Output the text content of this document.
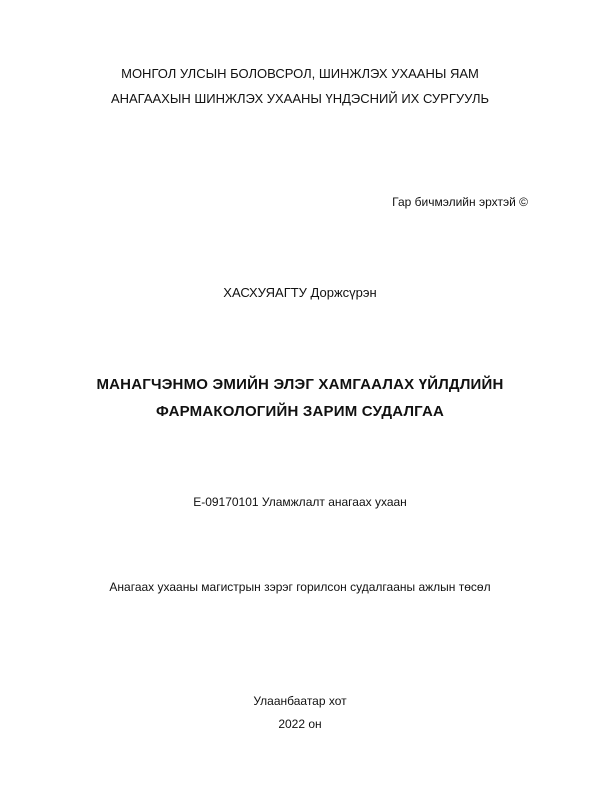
МОНГОЛ УЛСЫН БОЛОВСРОЛ, ШИНЖЛЭХ УХААНЫ ЯАМ
АНАГААХЫН ШИНЖЛЭХ УХААНЫ ҮНДЭСНИЙ ИХ СУРГУУЛЬ
Гар бичмэлийн эрхтэй ©
ХАСХУЯАГТУ Доржсүрэн
МАНАГЧЭНМО ЭМИЙН ЭЛЭГ ХАМГААЛАХ ҮЙЛДЛИЙН
ФАРМАКОЛОГИЙН ЗАРИМ СУДАЛГАА
Е-09170101 Уламжлалт анагаах ухаан
Анагаах ухааны магистрын зэрэг горилсон судалгааны ажлын төсөл
Улаанбаатар хот
2022 он
